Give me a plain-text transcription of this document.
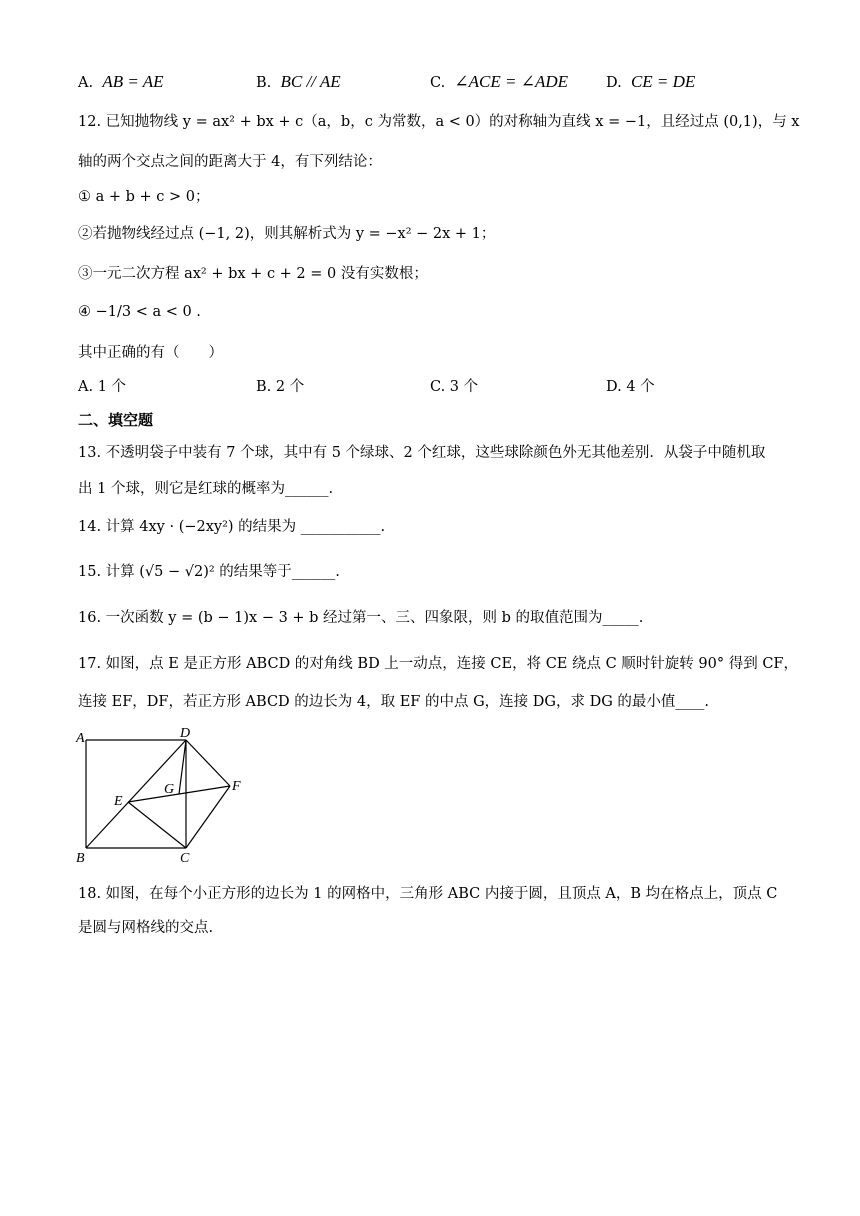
A. AB = AE	B. BC // AE	C. ∠ACE = ∠ADE	D. CE = DE
12. 已知抛物线 y = ax² + bx + c（a，b，c 为常数，a < 0）的对称轴为直线 x = −1，且经过点 (0,1)，与 x
轴的两个交点之间的距离大于 4，有下列结论：
① a + b + c > 0；
②若抛物线经过点 (−1, 2)，则其解析式为 y = −x² − 2x + 1；
③一元二次方程 ax² + bx + c + 2 = 0 没有实数根；
④ −1/3 < a < 0 .
其中正确的有（　　）
A. 1 个	B. 2 个	C. 3 个	D. 4 个
二、填空题
13. 不透明袋子中装有 7 个球，其中有 5 个绿球、2 个红球，这些球除颜色外无其他差别．从袋子中随机取
出 1 个球，则它是红球的概率为______.
14. 计算 4xy · (−2xy²) 的结果为 ___________.
15. 计算 (√5 − √2)² 的结果等于______.
16. 一次函数 y = (b − 1)x − 3 + b 经过第一、三、四象限，则 b 的取值范围为_____.
17. 如图，点 E 是正方形 ABCD 的对角线 BD 上一动点，连接 CE，将 CE 绕点 C 顺时针旋转 90° 得到 CF，
连接 EF，DF，若正方形 ABCD 的边长为 4，取 EF 的中点 G，连接 DG，求 DG 的最小值____.
A
B	C
D
E
F
G
18. 如图，在每个小正方形的边长为 1 的网格中，三角形 ABC 内接于圆，且顶点 A，B 均在格点上，顶点 C
是圆与网格线的交点.
